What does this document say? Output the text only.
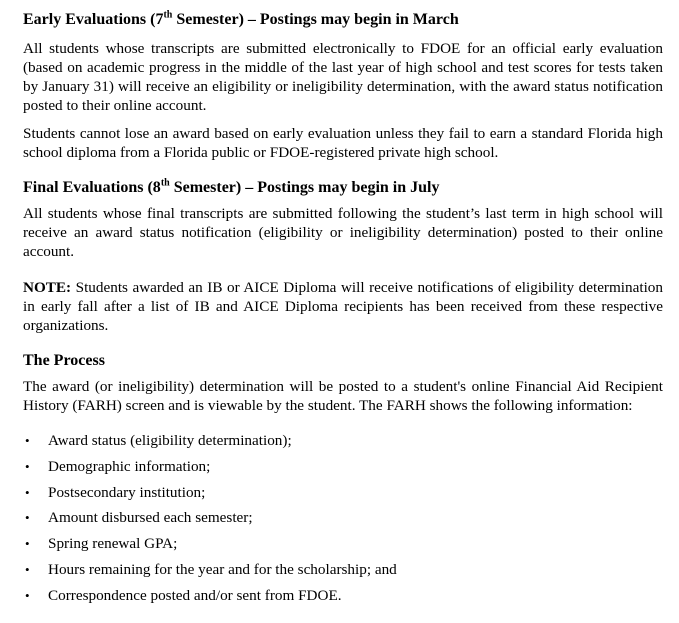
Early Evaluations (7th Semester) – Postings may begin in March

All students whose transcripts are submitted electronically to FDOE for an official early evaluation (based on academic progress in the middle of the last year of high school and test scores for tests taken by January 31) will receive an eligibility or ineligibility determination, with the award status notification posted to their online account.

Students cannot lose an award based on early evaluation unless they fail to earn a standard Florida high school diploma from a Florida public or FDOE-registered private high school.

Final Evaluations (8th Semester) – Postings may begin in July

All students whose final transcripts are submitted following the student’s last term in high school will receive an award status notification (eligibility or ineligibility determination) posted to their online account.

NOTE: Students awarded an IB or AICE Diploma will receive notifications of eligibility determination in early fall after a list of IB and AICE Diploma recipients has been received from these respective organizations.

The Process

The award (or ineligibility) determination will be posted to a student's online Financial Aid Recipient History (FARH) screen and is viewable by the student. The FARH shows the following information:

• Award status (eligibility determination);
• Demographic information;
• Postsecondary institution;
• Amount disbursed each semester;
• Spring renewal GPA;
• Hours remaining for the year and for the scholarship; and
• Correspondence posted and/or sent from FDOE.
